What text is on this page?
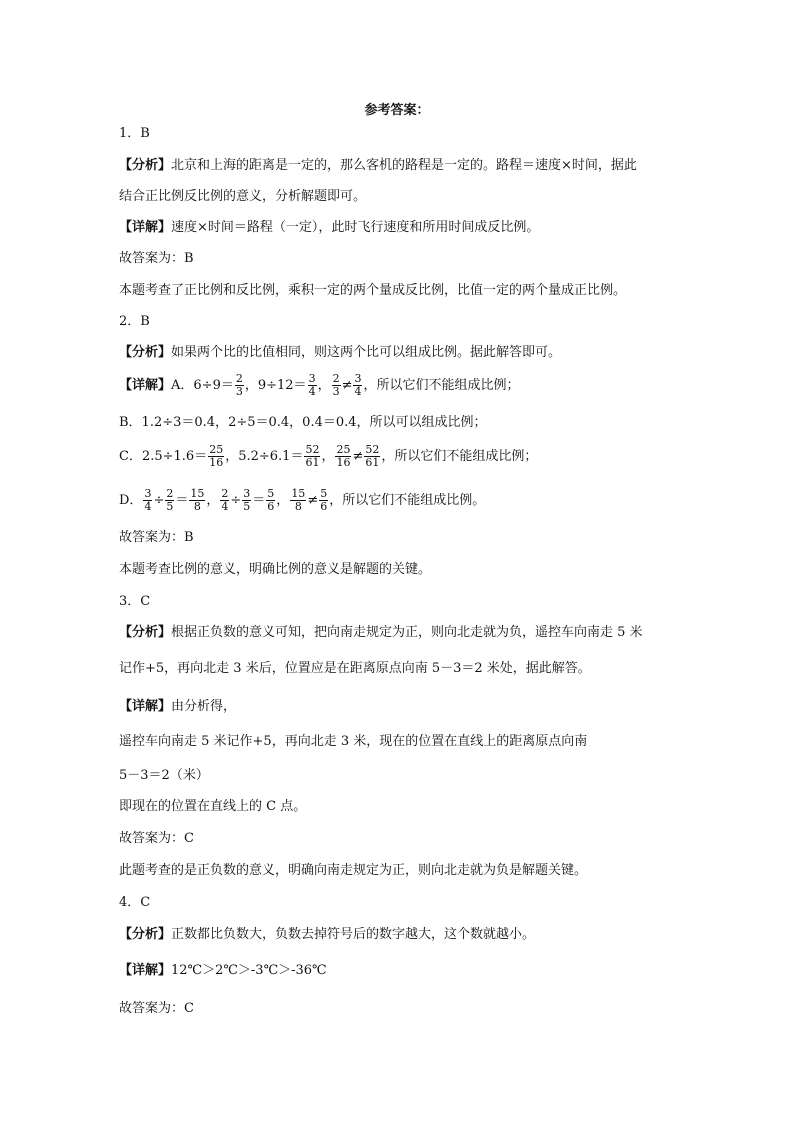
参考答案：
1．B
【分析】北京和上海的距离是一定的，那么客机的路程是一定的。路程＝速度×时间，据此
结合正比例反比例的意义，分析解题即可。
【详解】速度×时间＝路程（一定），此时飞行速度和所用时间成反比例。
故答案为：B
本题考查了正比例和反比例，乘积一定的两个量成反比例，比值一定的两个量成正比例。
2．B
【分析】如果两个比的比值相同，则这两个比可以组成比例。据此解答即可。
【详解】A．$6\div 9= \frac{2}{3}$ ，$9\div 12= \frac{3}{4}$ ， $\frac{2}{3} \ne \frac{3}{4}$ ，所以它们不能组成比例；
B．1.2÷3＝0.4，2÷5＝0.4，0.4＝0.4，所以可以组成比例；
C．$2.5\div 1.6= \frac{25}{16}$ ，$5.2\div 6.1= \frac{52}{61}$ ， $\frac{25}{16} \ne \frac{52}{61}$ ，所以它们不能组成比例；
D． $\frac{3}{4} \div \frac{2}{5} = \frac{15}{8}$ ， $\frac{2}{4} \div \frac{3}{5} = \frac{5}{6}$ ， $\frac{15}{8} \ne \frac{5}{6}$ ，所以它们不能组成比例。
故答案为：B
本题考查比例的意义，明确比例的意义是解题的关键。
3．C
【分析】根据正负数的意义可知，把向南走规定为正，则向北走就为负，遥控车向南走 5 米
记作+5，再向北走 3 米后，位置应是在距离原点向南 5－3＝2 米处，据此解答。
【详解】由分析得，
遥控车向南走 5 米记作+5，再向北走 3 米，现在的位置在直线上的距离原点向南
5－3＝2（米）
即现在的位置在直线上的 C 点。
故答案为：C
此题考查的是正负数的意义，明确向南走规定为正，则向北走就为负是解题关键。
4．C
【分析】正数都比负数大，负数去掉符号后的数字越大，这个数就越小。
【详解】12℃＞2℃＞-3℃＞-36℃
故答案为：C
